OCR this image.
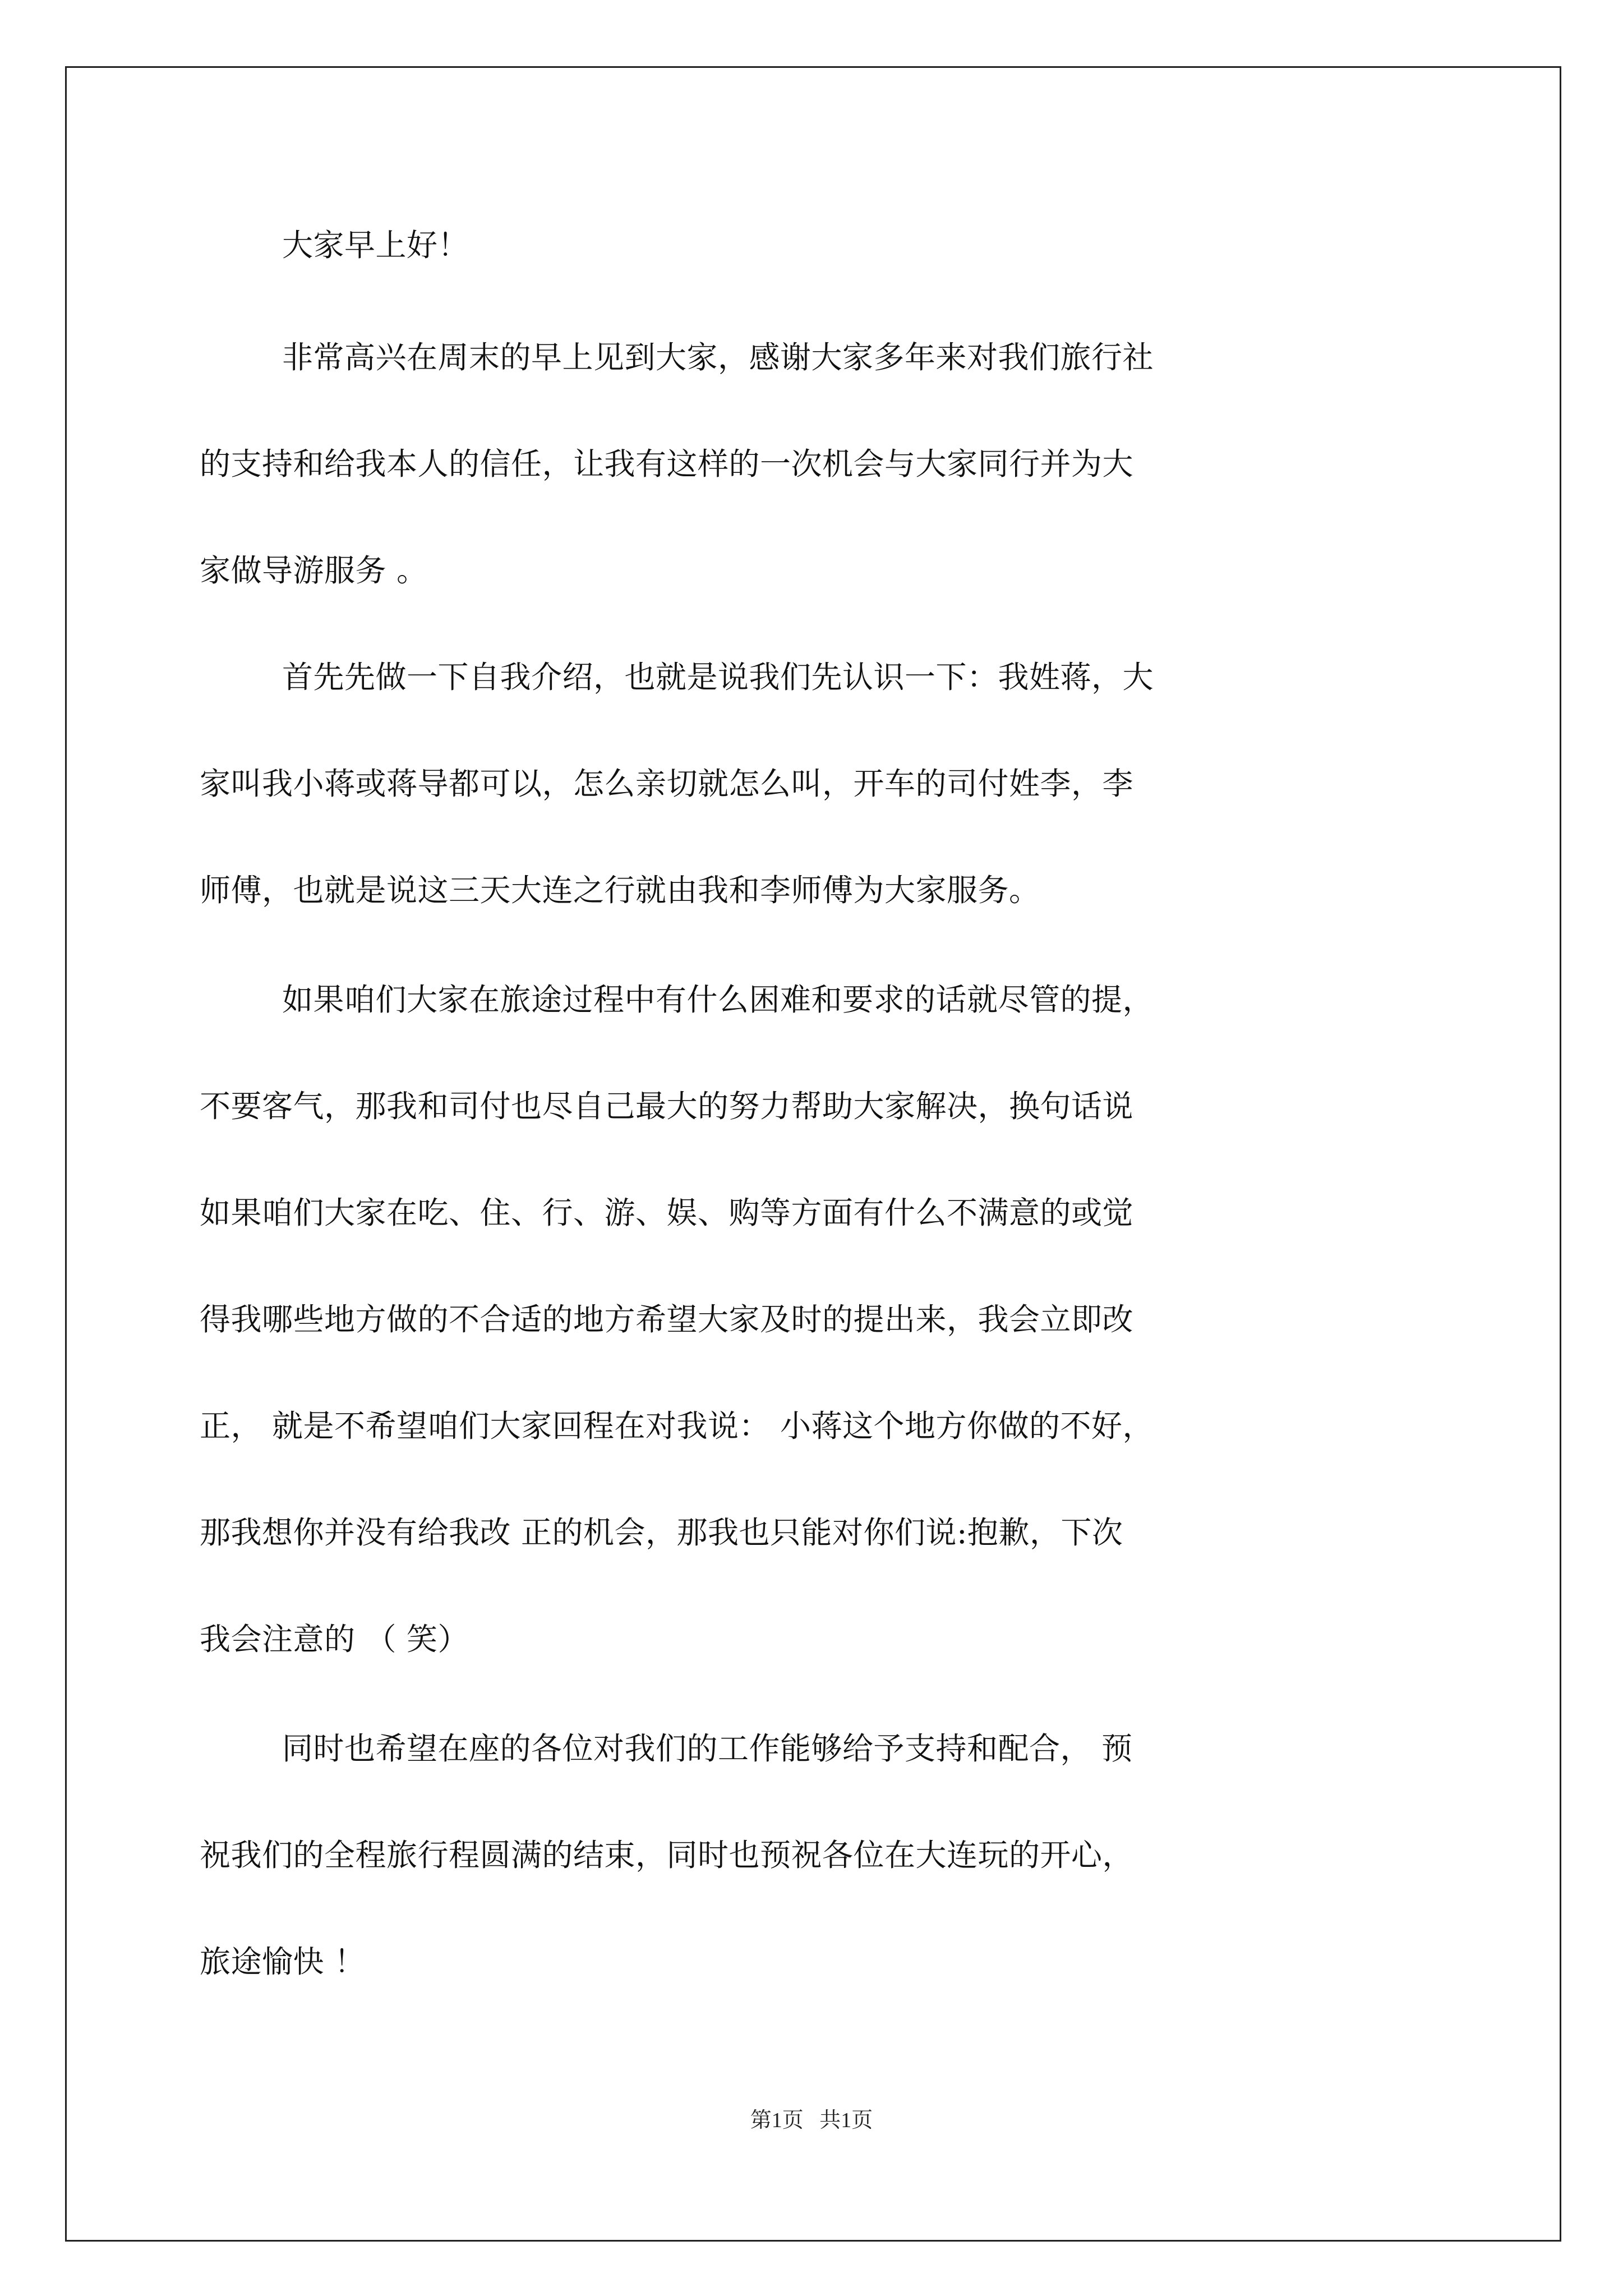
大家早上好！
非常高兴在周末的早上见到大家，感谢大家多年来对我们旅行社
的支持和给我本人的信任，让我有这样的一次机会与大家同行并为大
家做导游服务 。
首先先做一下自我介绍，也就是说我们先认识一下：我姓蒋，大
家叫我小蒋或蒋导都可以，怎么亲切就怎么叫，开车的司付姓李，李
师傅，也就是说这三天大连之行就由我和李师傅为大家服务。
如果咱们大家在旅途过程中有什么困难和要求的话就尽管的提，
不要客气，那我和司付也尽自己最大的努力帮助大家解决，换句话说
如果咱们大家在吃、住、行、游、娱、购等方面有什么不满意的或觉
得我哪些地方做的不合适的地方希望大家及时的提出来，我会立即改
正， 就是不希望咱们大家回程在对我说： 小蒋这个地方你做的不好，
那我想你并没有给我改 正的机会，那我也只能对你们说:抱歉，下次
我会注意的 （ 笑）
同时也希望在座的各位对我们的工作能够给予支持和配合， 预
祝我们的全程旅行程圆满的结束，同时也预祝各位在大连玩的开心，
旅途愉快 ！
第1页   共1页
